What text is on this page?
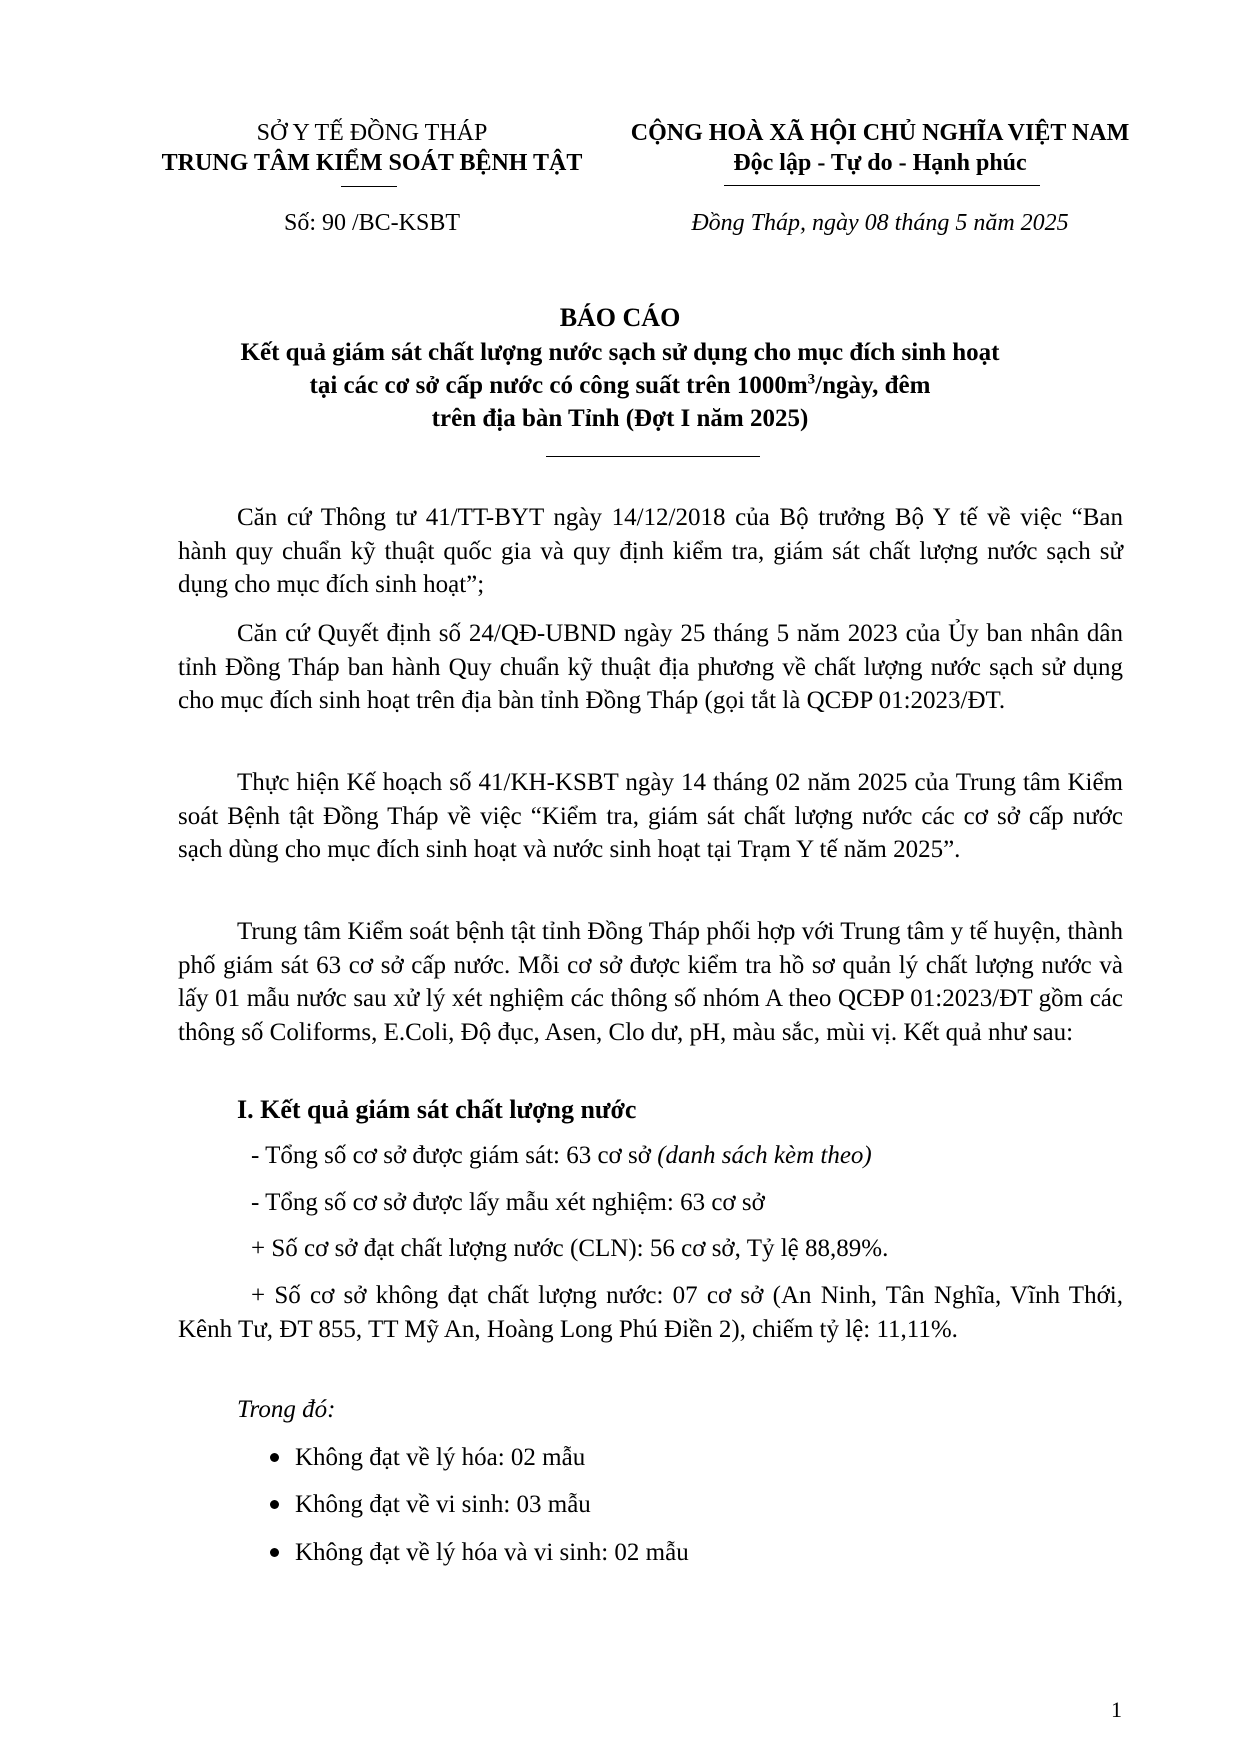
SỞ Y TẾ ĐỒNG THÁP
TRUNG TÂM KIỂM SOÁT BỆNH TẬT
Số: 90 /BC-KSBT
CỘNG HOÀ XÃ HỘI CHỦ NGHĨA VIỆT NAM
Độc lập - Tự do - Hạnh phúc
Đồng Tháp, ngày 08 tháng 5 năm 2025
BÁO CÁO
Kết quả giám sát chất lượng nước sạch sử dụng cho mục đích sinh hoạt
tại các cơ sở cấp nước có công suất trên $1000m^3$/ngày, đêm
trên địa bàn Tỉnh (Đợt I năm 2025)

Căn cứ Thông tư 41/TT-BYT ngày 14/12/2018 của Bộ trưởng Bộ Y tế về việc “Ban hành quy chuẩn kỹ thuật quốc gia và quy định kiểm tra, giám sát chất lượng nước sạch sử dụng cho mục đích sinh hoạt”;

Căn cứ Quyết định số 24/QĐ-UBND ngày 25 tháng 5 năm 2023 của Ủy ban nhân dân tỉnh Đồng Tháp ban hành Quy chuẩn kỹ thuật địa phương về chất lượng nước sạch sử dụng cho mục đích sinh hoạt trên địa bàn tỉnh Đồng Tháp (gọi tắt là QCĐP 01:2023/ĐT.

Thực hiện Kế hoạch số 41/KH-KSBT ngày 14 tháng 02 năm 2025 của Trung tâm Kiểm soát Bệnh tật Đồng Tháp về việc “Kiểm tra, giám sát chất lượng nước các cơ sở cấp nước sạch dùng cho mục đích sinh hoạt và nước sinh hoạt tại Trạm Y tế năm 2025”.

Trung tâm Kiểm soát bệnh tật tỉnh Đồng Tháp phối hợp với Trung tâm y tế huyện, thành phố giám sát 63 cơ sở cấp nước. Mỗi cơ sở được kiểm tra hồ sơ quản lý chất lượng nước và lấy 01 mẫu nước sau xử lý xét nghiệm các thông số nhóm A theo QCĐP 01:2023/ĐT gồm các thông số Coliforms, E.Coli, Độ đục, Asen, Clo dư, pH, màu sắc, mùi vị. Kết quả như sau:

I. Kết quả giám sát chất lượng nước
- Tổng số cơ sở được giám sát: 63 cơ sở (danh sách kèm theo)
- Tổng số cơ sở được lấy mẫu xét nghiệm: 63 cơ sở
+ Số cơ sở đạt chất lượng nước (CLN): 56 cơ sở, Tỷ lệ 88,89%.

+ Số cơ sở không đạt chất lượng nước: 07 cơ sở (An Ninh, Tân Nghĩa, Vĩnh Thới, Kênh Tư, ĐT 855, TT Mỹ An, Hoàng Long Phú Điền 2), chiếm tỷ lệ: 11,11%.

Trong đó:
Không đạt về lý hóa: 02 mẫu
Không đạt về vi sinh: 03 mẫu
Không đạt về lý hóa và vi sinh: 02 mẫu
1
